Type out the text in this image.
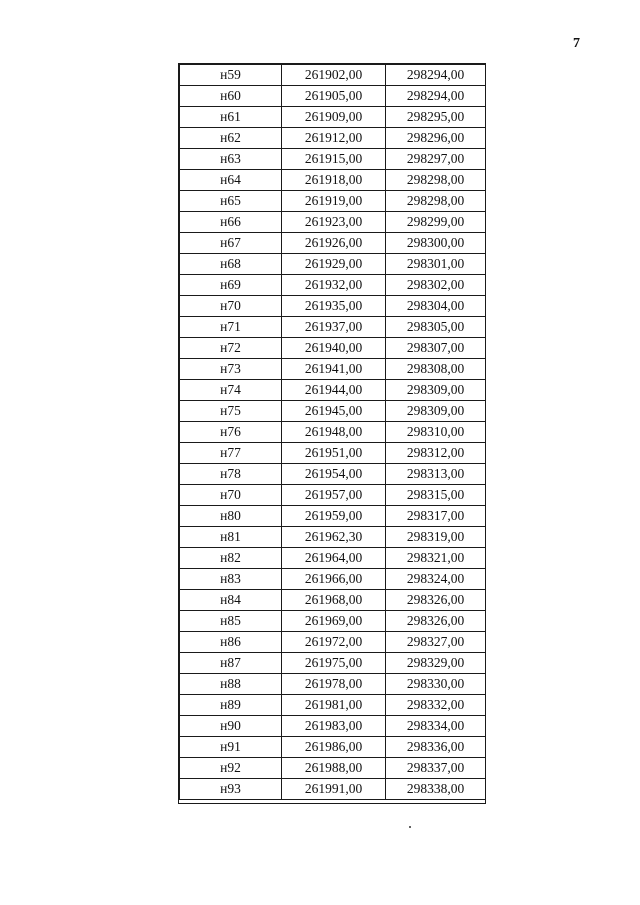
7
н59	261902,00	298294,00
н60	261905,00	298294,00
н61	261909,00	298295,00
н62	261912,00	298296,00
н63	261915,00	298297,00
н64	261918,00	298298,00
н65	261919,00	298298,00
н66	261923,00	298299,00
н67	261926,00	298300,00
н68	261929,00	298301,00
н69	261932,00	298302,00
н70	261935,00	298304,00
н71	261937,00	298305,00
н72	261940,00	298307,00
н73	261941,00	298308,00
н74	261944,00	298309,00
н75	261945,00	298309,00
н76	261948,00	298310,00
н77	261951,00	298312,00
н78	261954,00	298313,00
н70	261957,00	298315,00
н80	261959,00	298317,00
н81	261962,30	298319,00
н82	261964,00	298321,00
н83	261966,00	298324,00
н84	261968,00	298326,00
н85	261969,00	298326,00
н86	261972,00	298327,00
н87	261975,00	298329,00
н88	261978,00	298330,00
н89	261981,00	298332,00
н90	261983,00	298334,00
н91	261986,00	298336,00
н92	261988,00	298337,00
н93	261991,00	298338,00
